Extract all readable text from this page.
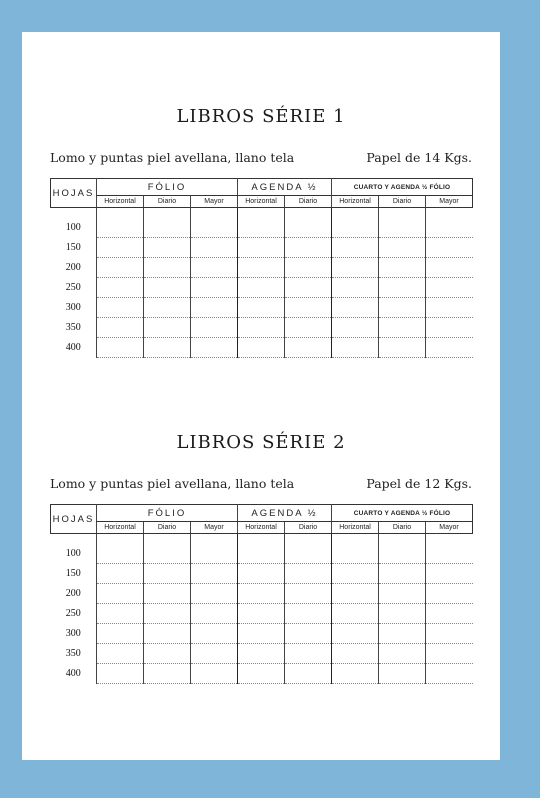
LIBROS SÉRIE 1
Lomo y puntas piel avellana, llano tela	Papel de 14 Kgs.
HOJAS	FÓLIO			AGENDA ½		CUARTO Y AGENDA ½ FÓLIO		
	Horizontal	Diario	Mayor	Horizontal	Diario	Horizontal	Diario	Mayor

100								
150								
200								
250								
300								
350								
400								
LIBROS SÉRIE 2
Lomo y puntas piel avellana, llano tela	Papel de 12 Kgs.
HOJAS	FÓLIO			AGENDA ½		CUARTO Y AGENDA ½ FÓLIO		
	Horizontal	Diario	Mayor	Horizontal	Diario	Horizontal	Diario	Mayor

100								
150								
200								
250								
300								
350								
400								
